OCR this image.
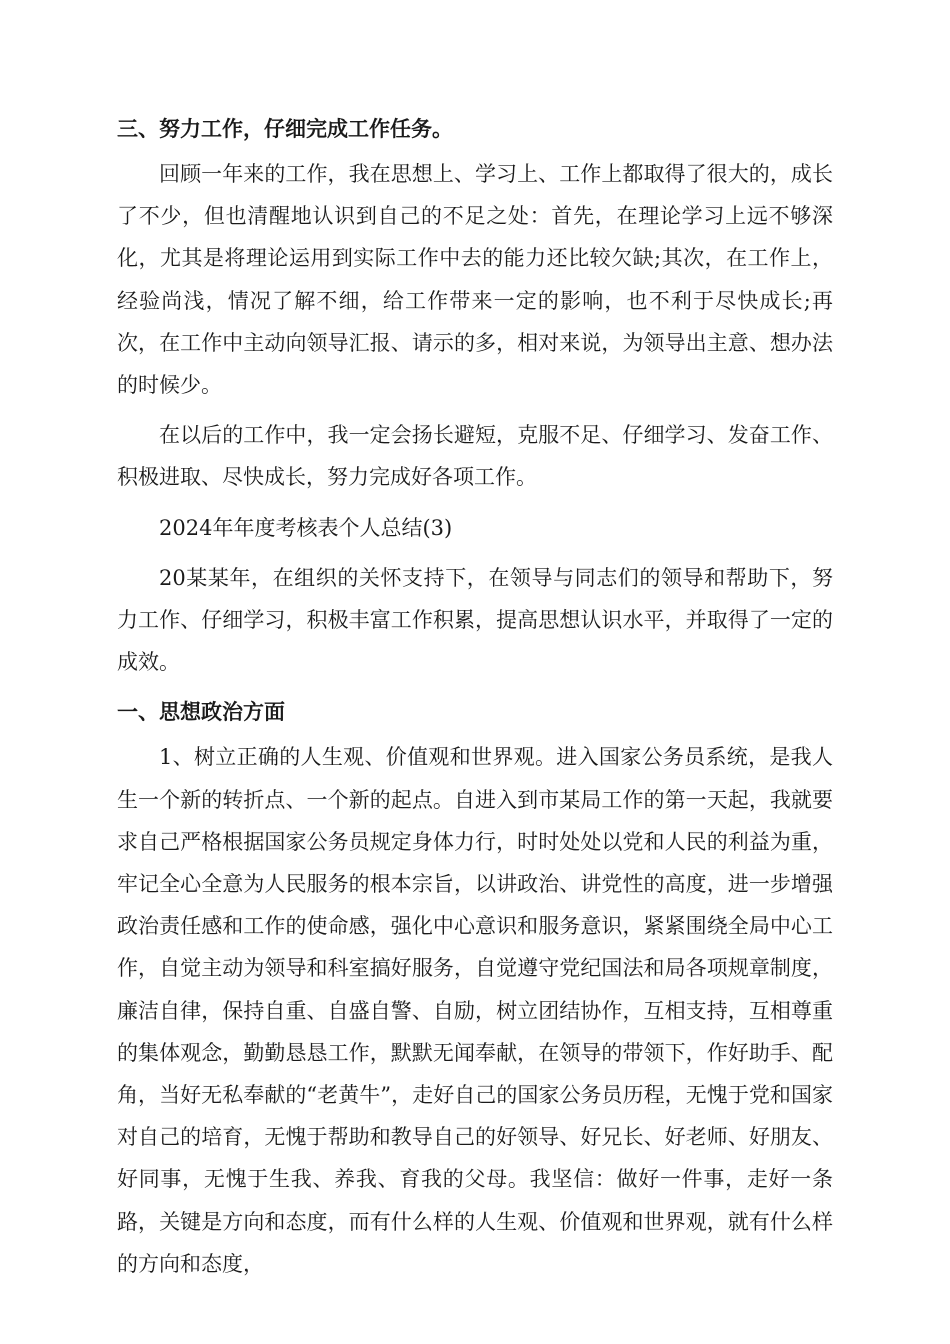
三、努力工作，仔细完成工作任务。
回顾一年来的工作，我在思想上、学习上、工作上都取得了很大的，成长了不少，但也清醒地认识到自己的不足之处：首先，在理论学习上远不够深化，尤其是将理论运用到实际工作中去的能力还比较欠缺;其次，在工作上，经验尚浅，情况了解不细，给工作带来一定的影响，也不利于尽快成长;再次，在工作中主动向领导汇报、请示的多，相对来说，为领导出主意、想办法的时候少。
在以后的工作中，我一定会扬长避短，克服不足、仔细学习、发奋工作、积极进取、尽快成长，努力完成好各项工作。
2024年年度考核表个人总结(3)
20某某年，在组织的关怀支持下，在领导与同志们的领导和帮助下，努力工作、仔细学习，积极丰富工作积累，提高思想认识水平，并取得了一定的成效。
一、思想政治方面
1、树立正确的人生观、价值观和世界观。进入国家公务员系统，是我人生一个新的转折点、一个新的起点。自进入到市某局工作的第一天起，我就要求自己严格根据国家公务员规定身体力行，时时处处以党和人民的利益为重，牢记全心全意为人民服务的根本宗旨，以讲政治、讲党性的高度，进一步增强政治责任感和工作的使命感，强化中心意识和服务意识，紧紧围绕全局中心工作，自觉主动为领导和科室搞好服务，自觉遵守党纪国法和局各项规章制度，廉洁自律，保持自重、自盛自警、自励，树立团结协作，互相支持，互相尊重的集体观念，勤勤恳恳工作，默默无闻奉献，在领导的带领下，作好助手、配角，当好无私奉献的“老黄牛”，走好自己的国家公务员历程，无愧于党和国家对自己的培育，无愧于帮助和教导自己的好领导、好兄长、好老师、好朋友、好同事，无愧于生我、养我、育我的父母。我坚信：做好一件事，走好一条路，关键是方向和态度，而有什么样的人生观、价值观和世界观，就有什么样的方向和态度，
